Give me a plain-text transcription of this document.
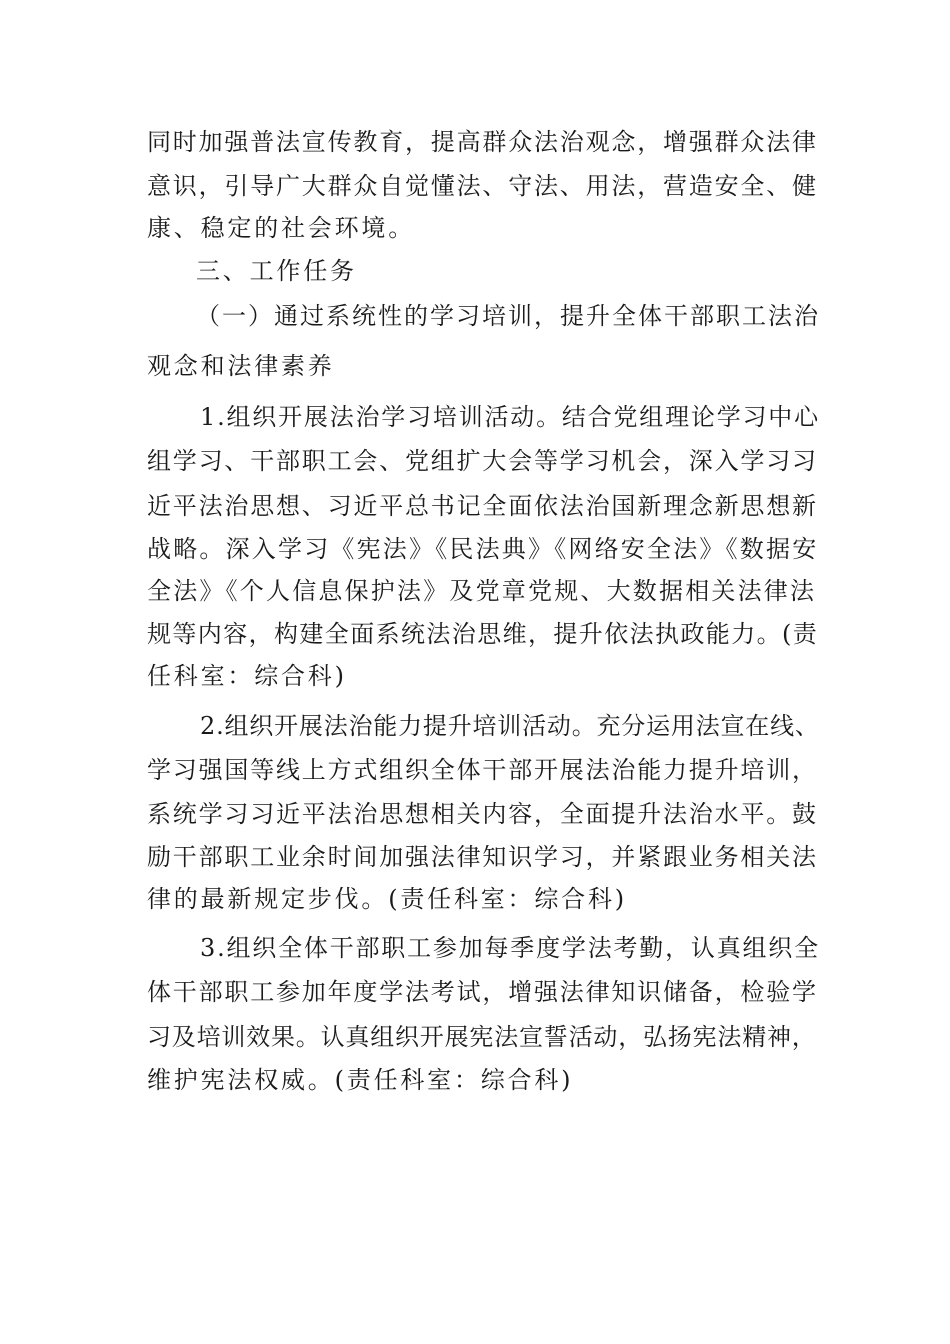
同时加强普法宣传教育，提高群众法治观念，增强群众法律
意识，引导广大群众自觉懂法、守法、用法，营造安全、健
康、稳定的社会环境。
三、工作任务
（一）通过系统性的学习培训，提升全体干部职工法治
观念和法律素养
1.组织开展法治学习培训活动。结合党组理论学习中心
组学习、干部职工会、党组扩大会等学习机会，深入学习习
近平法治思想、习近平总书记全面依法治国新理念新思想新
战略。深入学习《宪法》《民法典》《网络安全法》《数据安
全法》《个人信息保护法》及党章党规、大数据相关法律法
规等内容，构建全面系统法治思维，提升依法执政能力。(责
任科室：综合科)
2.组织开展法治能力提升培训活动。充分运用法宣在线、
学习强国等线上方式组织全体干部开展法治能力提升培训，
系统学习习近平法治思想相关内容，全面提升法治水平。鼓
励干部职工业余时间加强法律知识学习，并紧跟业务相关法
律的最新规定步伐。(责任科室：综合科)
3.组织全体干部职工参加每季度学法考勤，认真组织全
体干部职工参加年度学法考试，增强法律知识储备，检验学
习及培训效果。认真组织开展宪法宣誓活动，弘扬宪法精神，
维护宪法权威。(责任科室：综合科)
